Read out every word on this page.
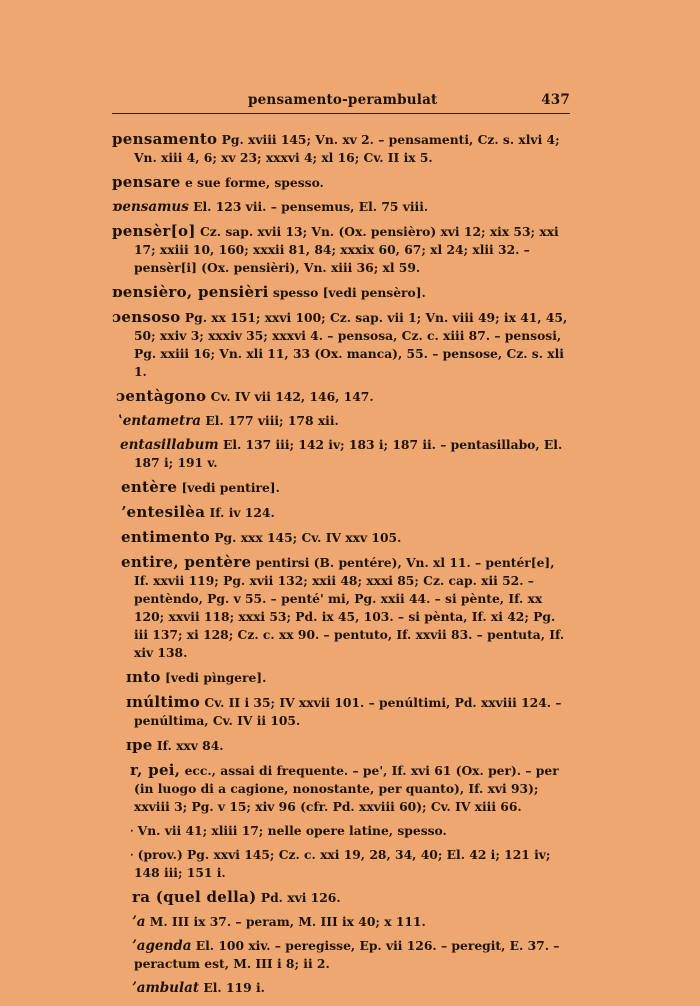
pensamento-perambulat	437
pensamento Pg. xviii 145; Vn. xv 2. – pensamenti, Cz. s. xlvi 4; Vn. xiii 4, 6; xv 23; xxxvi 4; xl 16; Cv. II ix 5.
pensare e sue forme, spesso.
ɒensamus El. 123 vii. – pensemus, El. 75 viii.
pensèr[o] Cz. sap. xvii 13; Vn. (Ox. pensièro) xvi 12; xix 53; xxi 17; xxiii 10, 160; xxxii 81, 84; xxxix 60, 67; xl 24; xlii 32. – pensèr[i] (Ox. pensièri), Vn. xiii 36; xl 59.
ɒensièro, pensièri spesso [vedi pensèro].
ɔensoso Pg. xx 151; xxvi 100; Cz. sap. vii 1; Vn. viii 49; ix 41, 45, 50; xxiv 3; xxxiv 35; xxxvi 4. – pensosa, Cz. c. xiii 87. – pensosi, Pg. xxiii 16; Vn. xli 11, 33 (Ox. manca), 55. – pensose, Cz. s. xli 1.
ɔentàgono Cv. IV vii 142, 146, 147.
ʽentametra El. 177 viii; 178 xii.
entasillabum El. 137 iii; 142 iv; 183 i; 187 ii. – pentasillabo, El. 187 i; 191 v.
entère [vedi pentire].
ʼentesilèa If. iv 124.
entimento Pg. xxx 145; Cv. IV xxv 105.
entire, pentère pentirsi (B. pentére), Vn. xl 11. – pentér[e], If. xxvii 119; Pg. xvii 132; xxii 48; xxxi 85; Cz. cap. xii 52. – pentèndo, Pg. v 55. – penté' mi, Pg. xxii 44. – si pènte, If. xx 120; xxvii 118; xxxi 53; Pd. ix 45, 103. – si pènta, If. xi 42; Pg. iii 137; xi 128; Cz. c. xx 90. – pentuto, If. xxvii 83. – pentuta, If. xiv 138.
ɪnto [vedi pìngere].
ɪnúltimo Cv. II i 35; IV xxvii 101. – penúltimi, Pd. xxviii 124. – penúltima, Cv. IV ii 105.
ɪpe If. xxv 84.
r, pei, ecc., assai di frequente. – pe', If. xvi 61 (Ox. per). – per (in luogo di a cagione, nonostante, per quanto), If. xvi 93); xxviii 3; Pg. v 15; xiv 96 (cfr. Pd. xxviii 60); Cv. IV xiii 66.
ᐧ Vn. vii 41; xliii 17; nelle opere latine, spesso.
ᐧ (prov.) Pg. xxvi 145; Cz. c. xxi 19, 28, 34, 40; El. 42 i; 121 iv; 148 iii; 151 i.
ra (quel della) Pd. xvi 126.
ʼa M. III ix 37. – peram, M. III ix 40; x 111.
ʼagenda El. 100 xiv. – peregisse, Ep. vii 126. – peregit, E. 37. – peractum est, M. III i 8; ii 2.
ʼambulat El. 119 i.
